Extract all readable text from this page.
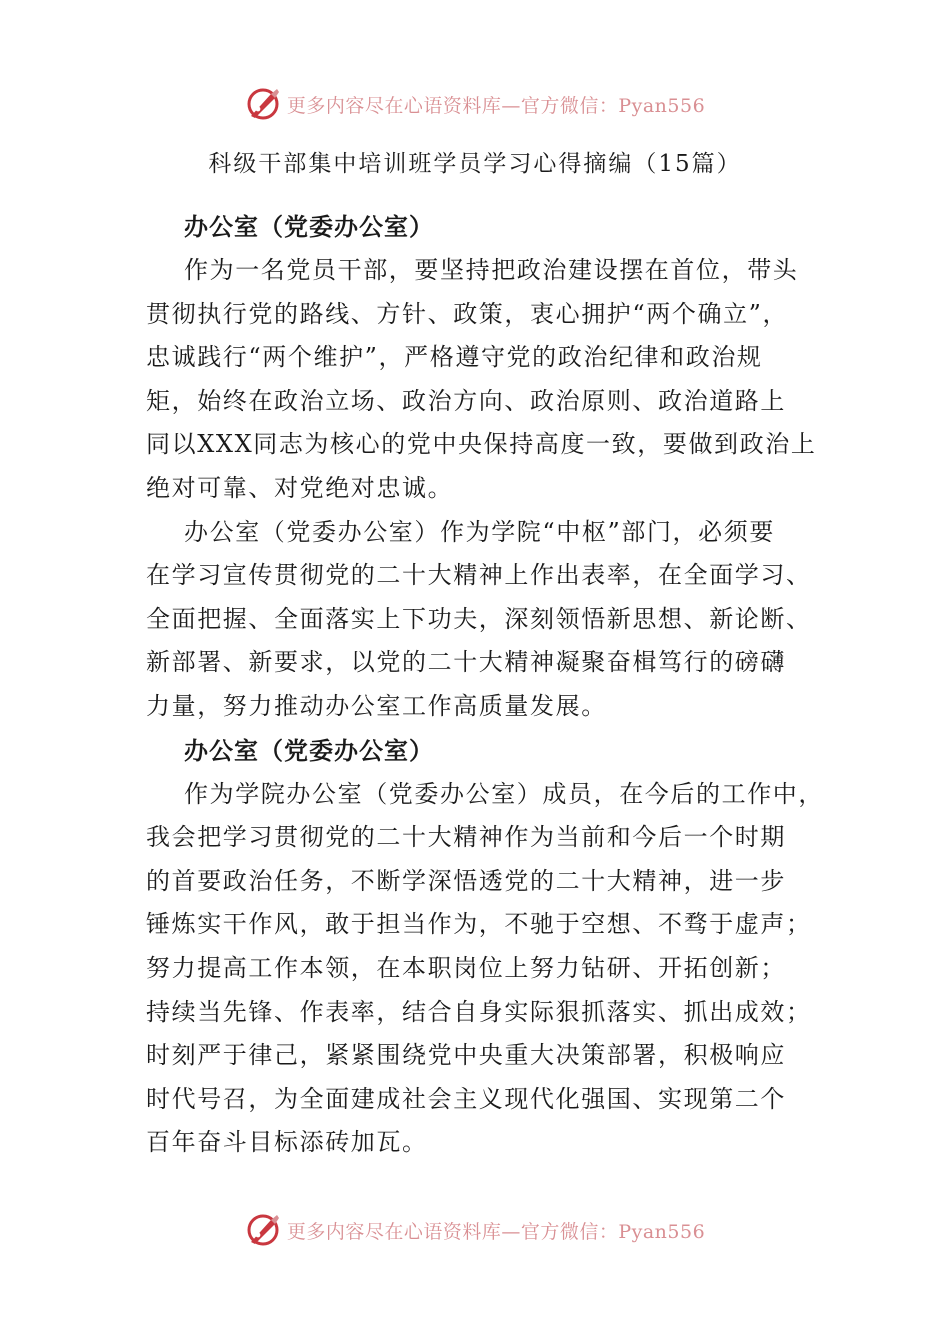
更多内容尽在心语资料库—官方微信：Pyan556
科级干部集中培训班学员学习心得摘编（15篇）
办公室（党委办公室）
作为一名党员干部，要坚持把政治建设摆在首位，带头
贯彻执行党的路线、方针、政策，衷心拥护“两个确立”，
忠诚践行“两个维护”，严格遵守党的政治纪律和政治规
矩，始终在政治立场、政治方向、政治原则、政治道路上
同以XXX同志为核心的党中央保持高度一致，要做到政治上
绝对可靠、对党绝对忠诚。
办公室（党委办公室）作为学院“中枢”部门，必须要
在学习宣传贯彻党的二十大精神上作出表率，在全面学习、
全面把握、全面落实上下功夫，深刻领悟新思想、新论断、
新部署、新要求，以党的二十大精神凝聚奋楫笃行的磅礴
力量，努力推动办公室工作高质量发展。
办公室（党委办公室）
作为学院办公室（党委办公室）成员，在今后的工作中，
我会把学习贯彻党的二十大精神作为当前和今后一个时期
的首要政治任务，不断学深悟透党的二十大精神，进一步
锤炼实干作风，敢于担当作为，不驰于空想、不骛于虚声；
努力提高工作本领，在本职岗位上努力钻研、开拓创新；
持续当先锋、作表率，结合自身实际狠抓落实、抓出成效；
时刻严于律己，紧紧围绕党中央重大决策部署，积极响应
时代号召，为全面建成社会主义现代化强国、实现第二个
百年奋斗目标添砖加瓦。
更多内容尽在心语资料库—官方微信：Pyan556
